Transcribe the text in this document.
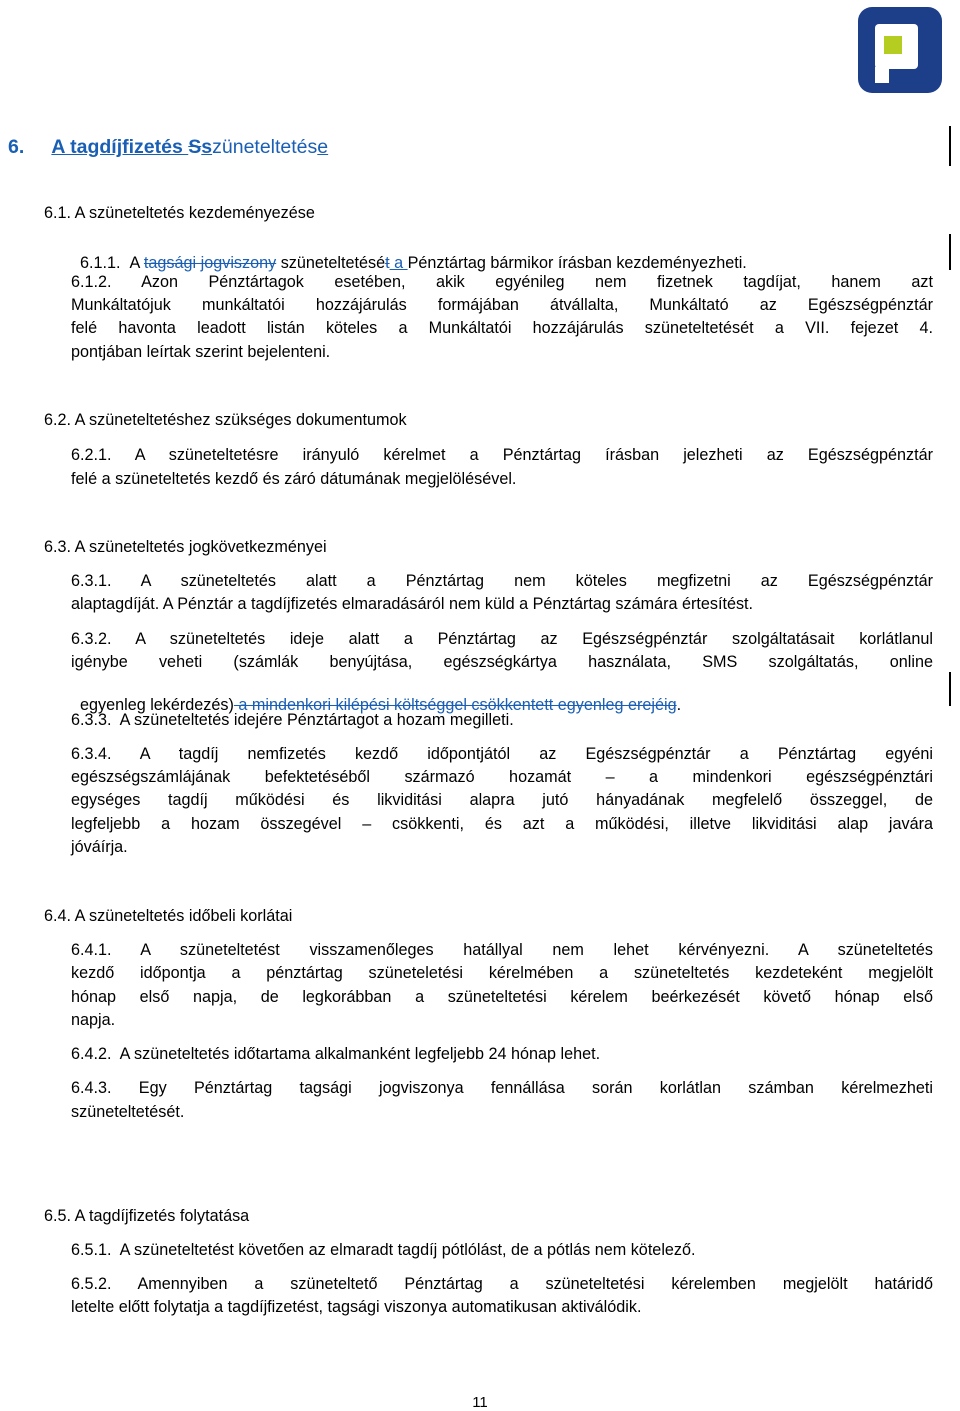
6. A tagdíjfizetés Sszüneteltetése
6.1. A szüneteltetés kezdeményezése

6.1.1. A tagsági jogviszony szüneteltetését a Pénztártag bármikor írásban kezdeményezheti.

6.1.2. Azon Pénztártagok esetében, akik egyénileg nem fizetnek tagdíjat, hanem azt
Munkáltatójuk munkáltatói hozzájárulás formájában átvállalta, Munkáltató az Egészségpénztár
felé havonta leadott listán köteles a Munkáltatói hozzájárulás szüneteltetését a VII. fejezet 4.
pontjában leírtak szerint bejelenteni.
6.2. A szüneteltetéshez szükséges dokumentumok
6.2.1. A szüneteltetésre irányuló kérelmet a Pénztártag írásban jelezheti az Egészségpénztár
felé a szüneteltetés kezdő és záró dátumának megjelölésével.
6.3. A szüneteltetés jogkövetkezményei
6.3.1. A szüneteltetés alatt a Pénztártag nem köteles megfizetni az Egészségpénztár
alaptagdíját. A Pénztár a tagdíjfizetés elmaradásáról nem küld a Pénztártag számára értesítést.
6.3.2. A szüneteltetés ideje alatt a Pénztártag az Egészségpénztár szolgáltatásait korlátlanul
igénybe veheti (számlák benyújtása, egészségkártya használata, SMS szolgáltatás, online

egyenleg lekérdezés) a mindenkori kilépési költséggel csökkentett egyenleg erejéig.

6.3.3.  A szüneteltetés idejére Pénztártagot a hozam megilleti.
6.3.4. A tagdíj nemfizetés kezdő időpontjától az Egészségpénztár a Pénztártag egyéni
egészségszámlájának befektetéséből származó hozamát – a mindenkori egészségpénztári
egységes tagdíj működési és likviditási alapra jutó hányadának megfelelő összeggel, de
legfeljebb a hozam összegével – csökkenti, és azt a működési, illetve likviditási alap javára
jóváírja.
6.4. A szüneteltetés időbeli korlátai
6.4.1. A szüneteltetést visszamenőleges hatállyal nem lehet kérvényezni. A szüneteltetés
kezdő időpontja a pénztártag szüneteletési kérelmében a szüneteltetés kezdeteként megjelölt
hónap első napja, de legkorábban a szüneteltetési kérelem beérkezését követő hónap első
napja.
6.4.2.  A szüneteltetés időtartama alkalmanként legfeljebb 24 hónap lehet.
6.4.3. Egy Pénztártag tagsági jogviszonya fennállása során korlátlan számban kérelmezheti
szüneteltetését.
6.5. A tagdíjfizetés folytatása
6.5.1.  A szüneteltetést követően az elmaradt tagdíj pótlólást, de a pótlás nem kötelező.
6.5.2. Amennyiben a szüneteltető Pénztártag a szüneteltetési kérelemben megjelölt határidő
letelte előtt folytatja a tagdíjfizetést, tagsági viszonya automatikusan aktiválódik.
11
